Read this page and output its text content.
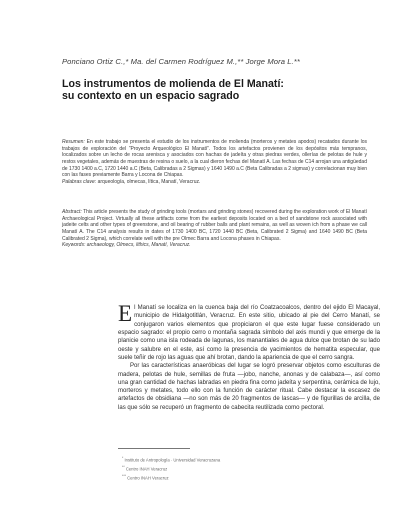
Ponciano Ortiz C.,* Ma. del Carmen Rodríguez M.,** Jorge Mora L.**
Los instrumentos de molienda de El Manatí:
su contexto en un espacio sagrado
Resumen: En este trabajo se presenta el estudio de los instrumentos de molienda (morteros y metates apodos) recatados durante los trabajos de exploración del “Proyecto Arqueológico El Manatí”. Todos los artefactos provienen de los depósitos más tempranos, localizados sobre un lecho de rocas arenisca y asociados con hachas de jadeíta y otras piedras verdes, ollerías de pelotas de hule y restos vegetales, además de muestras de resina o suelo, a la cual dieron fechas del Manatí A. Las fechas de C14 arrojan una antigüedad de 1730 1400 a.C, 1720 1440 a.C (Beta, Calibradas a 2 Sigmas) y 1640 1490 a.C (Beta Calibradas a 2 sigmas) y correlacionan muy bien con las fases previamente Barra y Locona de Chiapas.
Palabras clave: arqueología, olmecas, lítica, Manatí, Veracruz.
Abstract: This article presents the study of grinding tools (mortars and grinding stones) recovered during the exploration work of El Manatí Archaeological Project. Virtually all these artifacts come from the earliest deposits located on a bed of sandstone rock associated with jadeite celts and other types of greenstone, and oil bearing of rubber balls and plant remains, as well as woven ich from a phase we call Manatí A. The C14 analysis results in dates of 1730 1400 BC, 1720 1440 BC (Beta, Calibrated 2 Sigma) and 1640 1490 BC (Beta Calibrated 2 Sigma), which correlate well with the pre Olmec Barra and Locona phases in Chiapas.
Keywords: archaeology, Olmecs, lithics, Manatí, Veracruz.

El Manatí se localiza en la cuenca baja del río Coatzacoalcos, dentro del ejido El Macayal, municipio de Hidalgotitlán, Veracruz. En este sitio, ubicado al pie del Cerro Manatí, se conjugaron varios elementos que propiciaron el que este lugar fuese considerado un espacio sagrado: el propio cerro o montaña sagrada símbolo del axis mundi y que emerge de la planicie como una isla rodeada de lagunas, los manantiales de agua dulce que brotan de su lado oeste y salubre en el este, así como la presencia de yacimientos de hematita especular, que suele teñir de rojo las aguas que ahí brotan, dando la apariencia de que el cerro sangra.

Por las características anaeróbicas del lugar se logró preservar objetos como esculturas de madera, pelotas de hule, semillas de fruta —jobo, nanche, anonas y de calabaza—, así como una gran cantidad de hachas labradas en piedra fina como jadeíta y serpentina, cerámica de lujo, morteros y metates, todo ello con la función de carácter ritual. Cabe destacar la escasez de artefactos de obsidiana —no son más de 20 fragmentos de lascas— y de figurillas de arcilla, de las que sólo se recuperó un fragmento de cabecita reutilizada como pectoral.

* Instituto de Antropología · Universidad Veracruzana
** Centro INAH Veracruz
*** Centro INAH Veracruz
